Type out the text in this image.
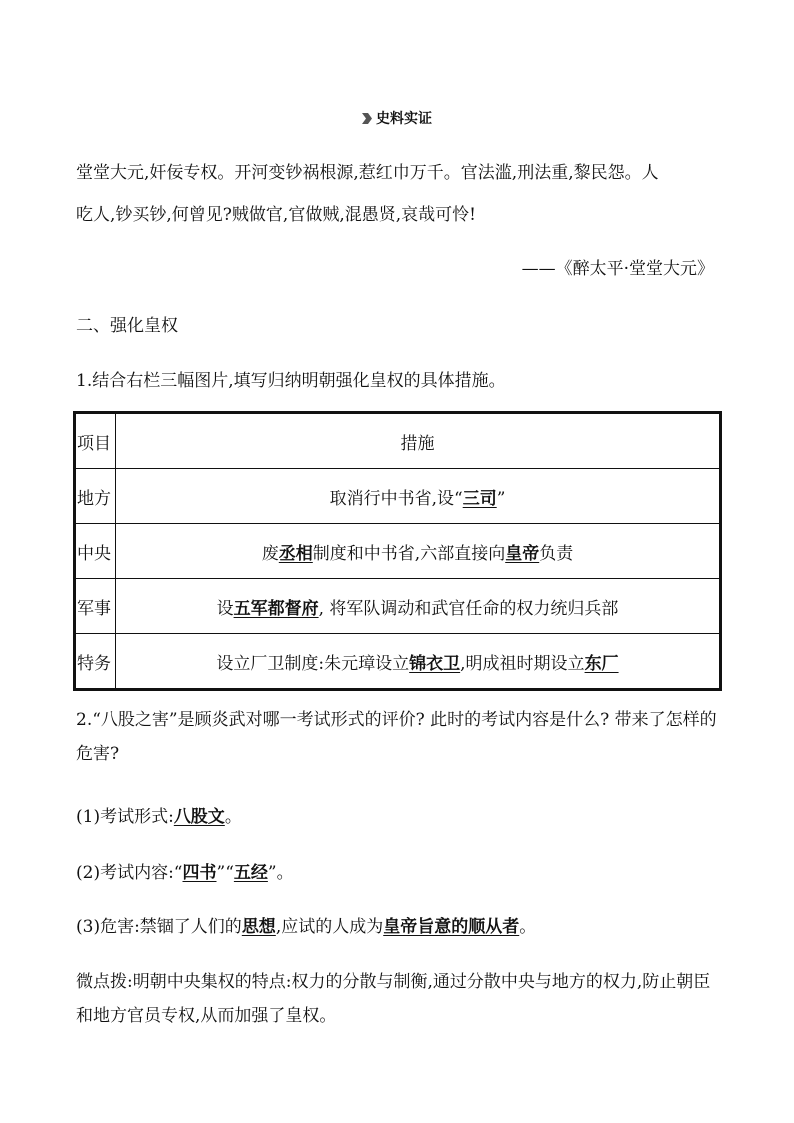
史料实证
堂堂大元,奸佞专权。开河变钞祸根源,惹红巾万千。官法滥,刑法重,黎民怨。人
吃人,钞买钞,何曾见?贼做官,官做贼,混愚贤,哀哉可怜!
——《醉太平·堂堂大元》
二、强化皇权
1.结合右栏三幅图片,填写归纳明朝强化皇权的具体措施。
项目	措施
地方	取消行中书省,设“三司”
中央	废丞相制度和中书省,六部直接向皇帝负责
军事	设五军都督府, 将军队调动和武官任命的权力统归兵部
特务	设立厂卫制度:朱元璋设立锦衣卫,明成祖时期设立东厂
2.“八股之害”是顾炎武对哪一考试形式的评价? 此时的考试内容是什么? 带来了怎样的危害?
(1)考试形式:八股文。
(2)考试内容:“四书”“五经”。
(3)危害:禁锢了人们的思想,应试的人成为皇帝旨意的顺从者。
微点拨:明朝中央集权的特点:权力的分散与制衡,通过分散中央与地方的权力,防止朝臣和地方官员专权,从而加强了皇权。
